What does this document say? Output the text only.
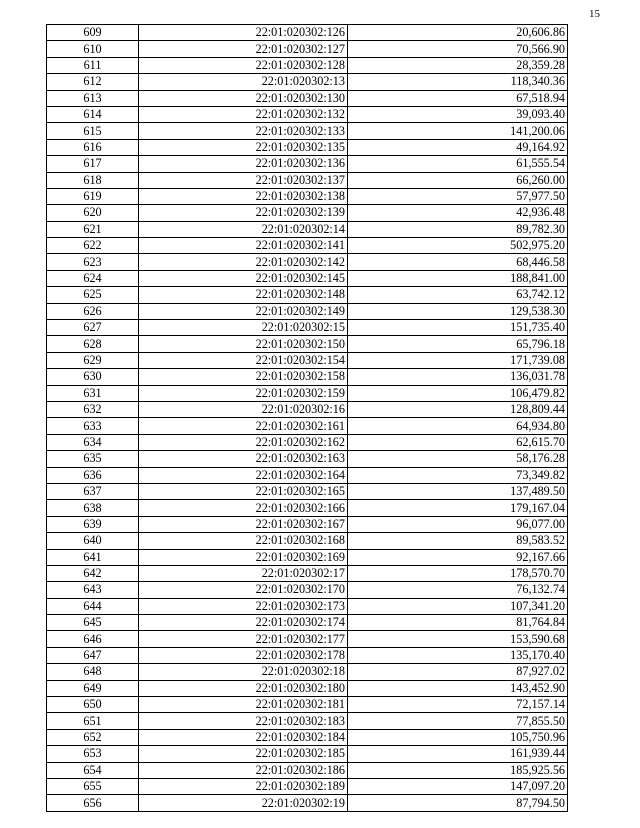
15
609	22:01:020302:126	20,606.86
610	22:01:020302:127	70,566.90
611	22:01:020302:128	28,359.28
612	22:01:020302:13	118,340.36
613	22:01:020302:130	67,518.94
614	22:01:020302:132	39,093.40
615	22:01:020302:133	141,200.06
616	22:01:020302:135	49,164.92
617	22:01:020302:136	61,555.54
618	22:01:020302:137	66,260.00
619	22:01:020302:138	57,977.50
620	22:01:020302:139	42,936.48
621	22:01:020302:14	89,782.30
622	22:01:020302:141	502,975.20
623	22:01:020302:142	68,446.58
624	22:01:020302:145	188,841.00
625	22:01:020302:148	63,742.12
626	22:01:020302:149	129,538.30
627	22:01:020302:15	151,735.40
628	22:01:020302:150	65,796.18
629	22:01:020302:154	171,739.08
630	22:01:020302:158	136,031.78
631	22:01:020302:159	106,479.82
632	22:01:020302:16	128,809.44
633	22:01:020302:161	64,934.80
634	22:01:020302:162	62,615.70
635	22:01:020302:163	58,176.28
636	22:01:020302:164	73,349.82
637	22:01:020302:165	137,489.50
638	22:01:020302:166	179,167.04
639	22:01:020302:167	96,077.00
640	22:01:020302:168	89,583.52
641	22:01:020302:169	92,167.66
642	22:01:020302:17	178,570.70
643	22:01:020302:170	76,132.74
644	22:01:020302:173	107,341.20
645	22:01:020302:174	81,764.84
646	22:01:020302:177	153,590.68
647	22:01:020302:178	135,170.40
648	22:01:020302:18	87,927.02
649	22:01:020302:180	143,452.90
650	22:01:020302:181	72,157.14
651	22:01:020302:183	77,855.50
652	22:01:020302:184	105,750.96
653	22:01:020302:185	161,939.44
654	22:01:020302:186	185,925.56
655	22:01:020302:189	147,097.20
656	22:01:020302:19	87,794.50
